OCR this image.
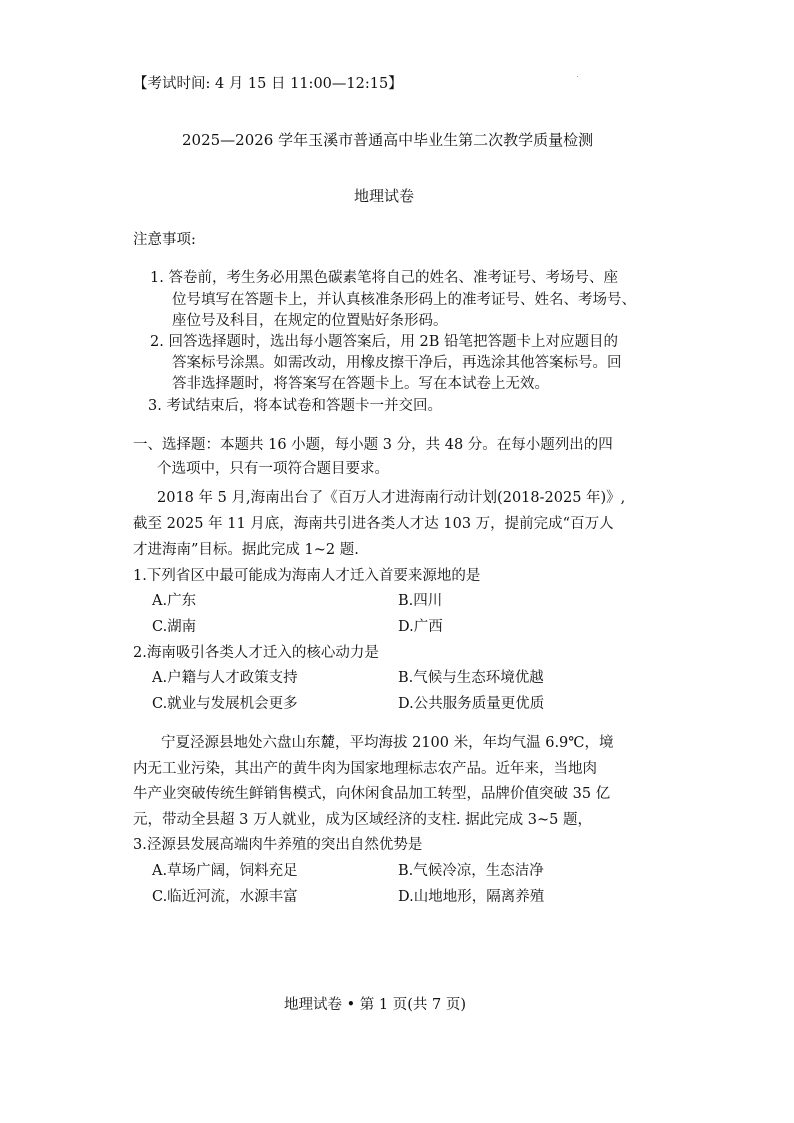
【考试时间: 4 月 15 日 11:00—12:15】
2025—2026 学年玉溪市普通高中毕业生第二次教学质量检测
地理试卷
注意事项:
1. 答卷前，考生务必用黑色碳素笔将自己的姓名、准考证号、考场号、座
位号填写在答题卡上，并认真核准条形码上的准考证号、姓名、考场号、
座位号及科目，在规定的位置贴好条形码。
2. 回答选择题时，选出每小题答案后，用 2B 铅笔把答题卡上对应题目的
答案标号涂黑。如需改动，用橡皮擦干净后，再选涂其他答案标号。回
答非选择题时，将答案写在答题卡上。写在本试卷上无效。
3. 考试结束后，将本试卷和答题卡一并交回。
一、选择题：本题共 16 小题，每小题 3 分，共 48 分。在每小题列出的四
个选项中，只有一项符合题目要求。
2018 年 5 月,海南出台了《百万人才进海南行动计划(2018-2025 年)》,
截至 2025 年 11 月底，海南共引进各类人才达 103 万，提前完成“百万人
才进海南”目标。据此完成 1~2 题.
1.下列省区中最可能成为海南人才迁入首要来源地的是
A.广东	B.四川
C.湖南	D.广西
2.海南吸引各类人才迁入的核心动力是
A.户籍与人才政策支持	B.气候与生态环境优越
C.就业与发展机会更多	D.公共服务质量更优质
宁夏泾源县地处六盘山东麓，平均海拔 2100 米，年均气温 6.9℃，境
内无工业污染，其出产的黄牛肉为国家地理标志农产品。近年来，当地肉
牛产业突破传统生鲜销售模式，向休闲食品加工转型，品牌价值突破 35 亿
元，带动全县超 3 万人就业，成为区域经济的支柱. 据此完成 3~5 题，
3.泾源县发展高端肉牛养殖的突出自然优势是
A.草场广阔，饲料充足	B.气候冷凉，生态洁净
C.临近河流，水源丰富	D.山地地形，隔离养殖
地理试卷 • 第 1 页(共 7 页)
